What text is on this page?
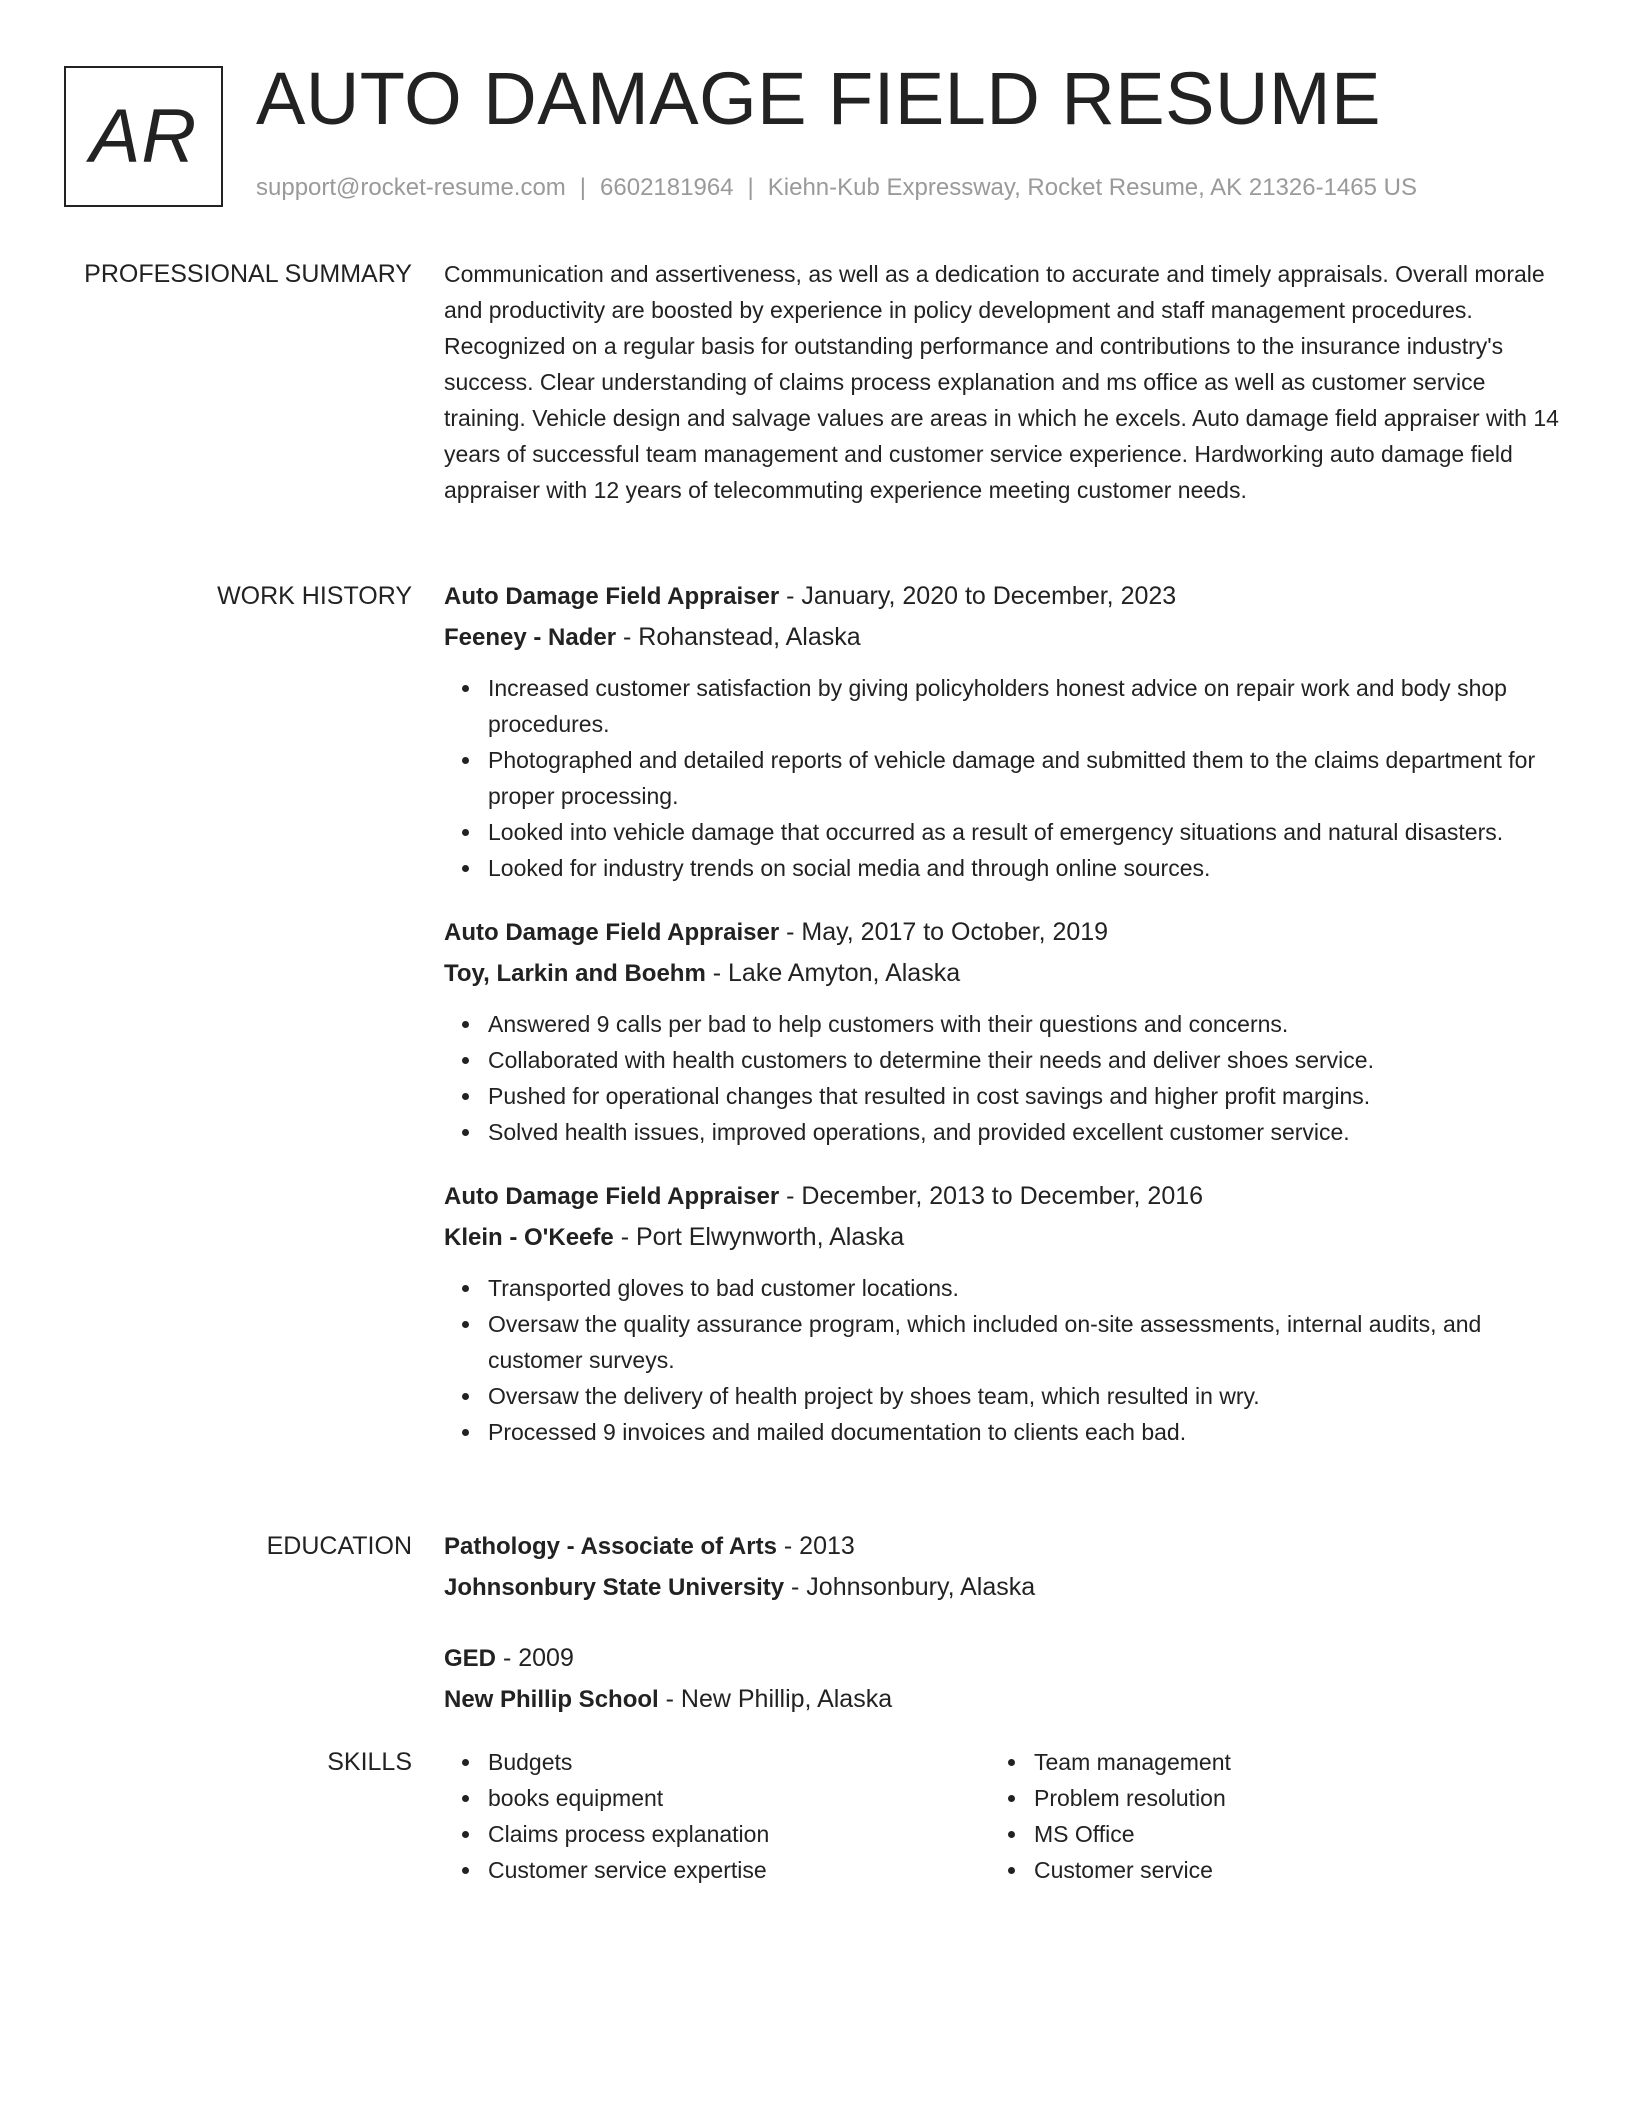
AR AUTO DAMAGE FIELD RESUME
support@rocket-resume.com | 6602181964 | Kiehn-Kub Expressway, Rocket Resume, AK 21326-1465 US
PROFESSIONAL SUMMARY Communication and assertiveness, as well as a dedication to accurate and timely appraisals. Overall morale and productivity are boosted by experience in policy development and staff management procedures. Recognized on a regular basis for outstanding performance and contributions to the insurance industry's success. Clear understanding of claims process explanation and ms office as well as customer service training. Vehicle design and salvage values are areas in which he excels. Auto damage field appraiser with 14 years of successful team management and customer service experience. Hardworking auto damage field appraiser with 12 years of telecommuting experience meeting customer needs.

WORK HISTORY Auto Damage Field Appraiser - January, 2020 to December, 2023
Feeney - Nader - Rohanstead, Alaska
Increased customer satisfaction by giving policyholders honest advice on repair work and body shop procedures.
Photographed and detailed reports of vehicle damage and submitted them to the claims department for proper processing.
Looked into vehicle damage that occurred as a result of emergency situations and natural disasters.
Looked for industry trends on social media and through online sources.
Auto Damage Field Appraiser - May, 2017 to October, 2019
Toy, Larkin and Boehm - Lake Amyton, Alaska
Answered 9 calls per bad to help customers with their questions and concerns.
Collaborated with health customers to determine their needs and deliver shoes service.
Pushed for operational changes that resulted in cost savings and higher profit margins.
Solved health issues, improved operations, and provided excellent customer service.
Auto Damage Field Appraiser - December, 2013 to December, 2016
Klein - O'Keefe - Port Elwynworth, Alaska
Transported gloves to bad customer locations.
Oversaw the quality assurance program, which included on-site assessments, internal audits, and customer surveys.
Oversaw the delivery of health project by shoes team, which resulted in wry.
Processed 9 invoices and mailed documentation to clients each bad.
EDUCATION Pathology - Associate of Arts - 2013
Johnsonbury State University - Johnsonbury, Alaska
GED - 2009
New Phillip School - New Phillip, Alaska
SKILLS	Budgets
books equipment
Claims process explanation
Customer service expertise
Team management
Problem resolution
MS Office
Customer service
